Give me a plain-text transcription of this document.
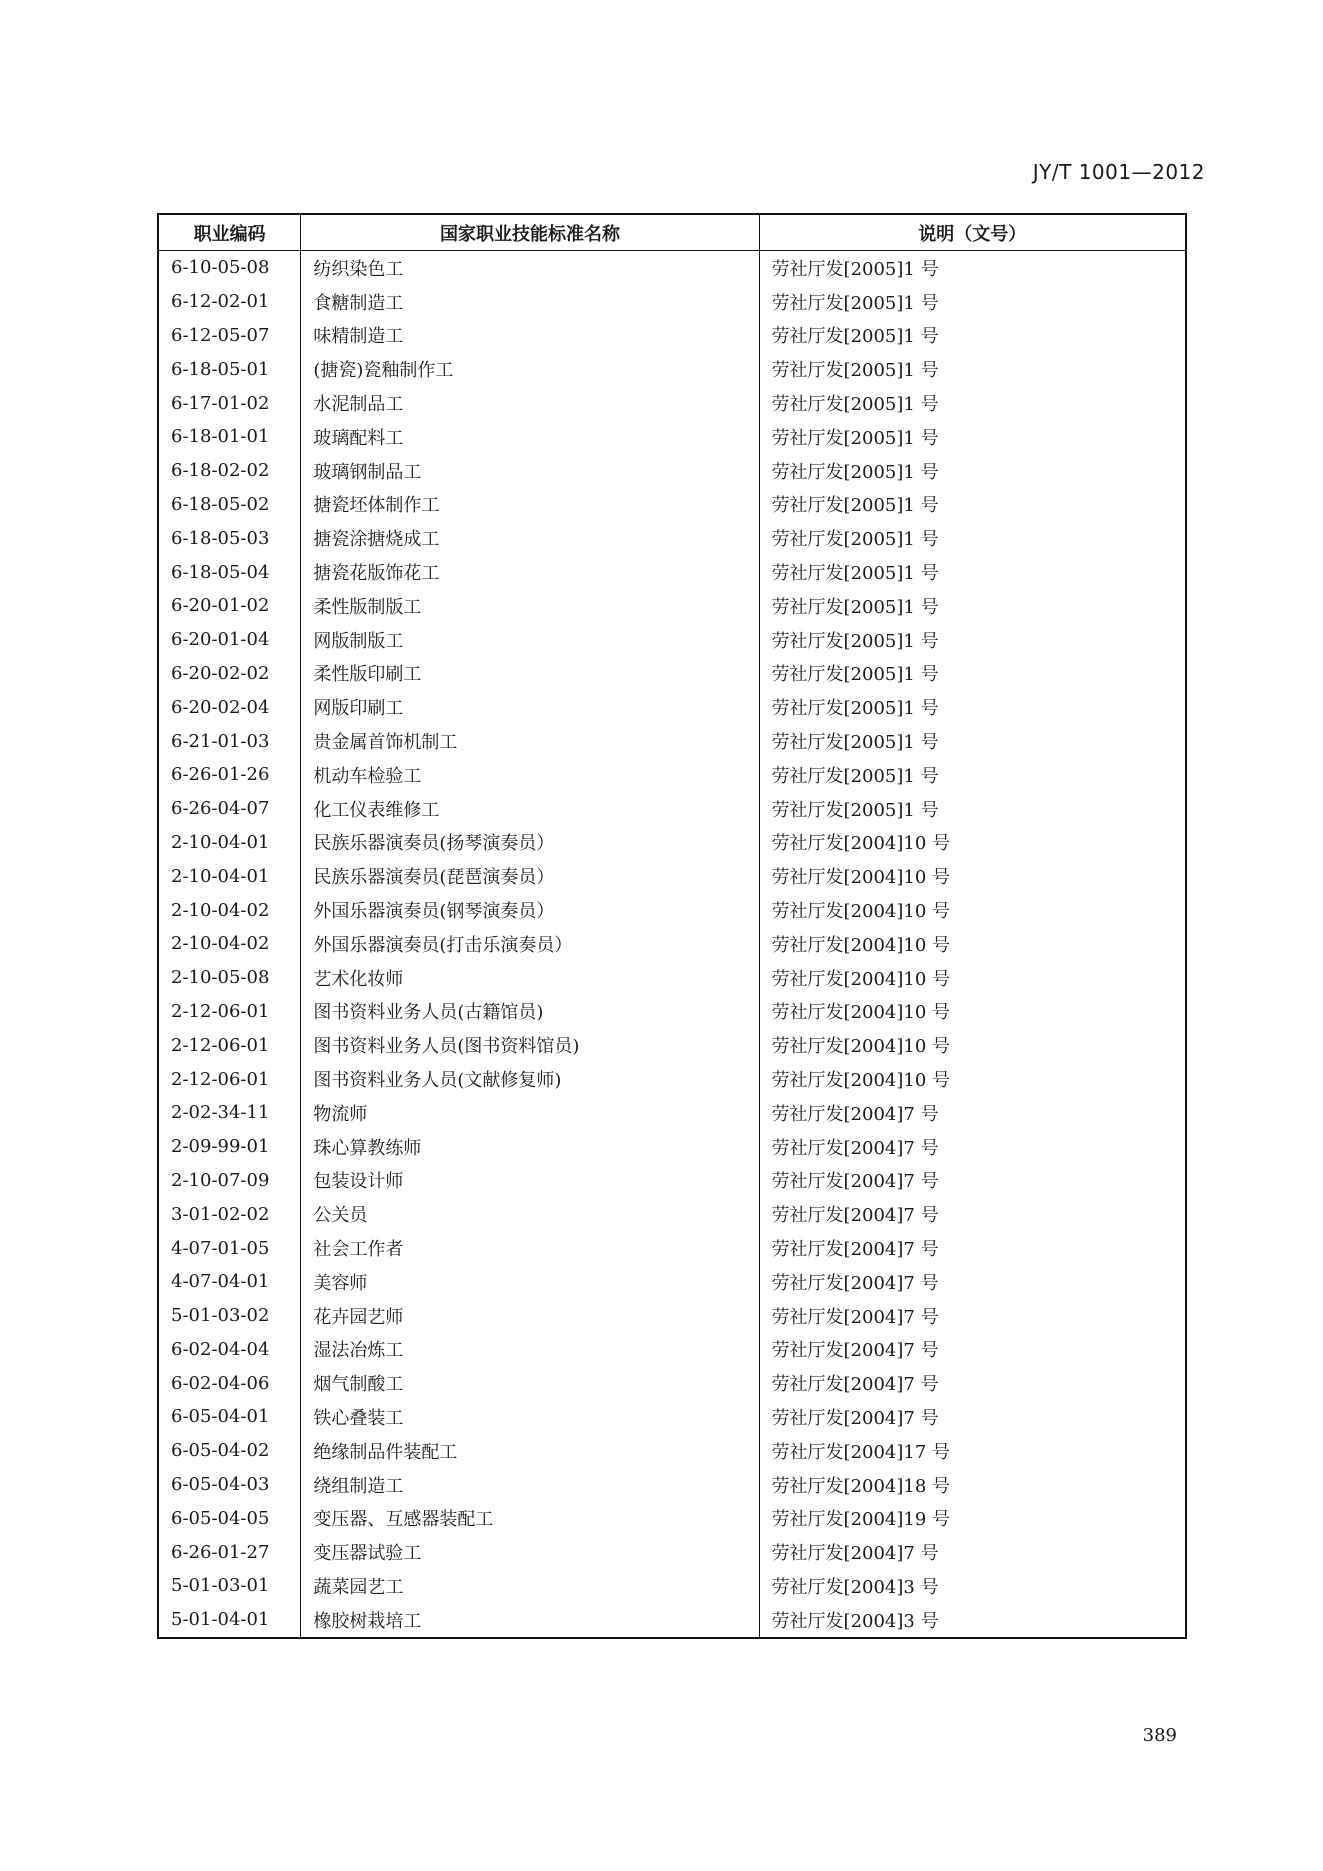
JY/T 1001—2012
职业编码	国家职业技能标准名称	说明（文号）
6-10-05-08	纺织染色工	劳社厅发[2005]1 号
6-12-02-01	食糖制造工	劳社厅发[2005]1 号
6-12-05-07	味精制造工	劳社厅发[2005]1 号
6-18-05-01	(搪瓷)瓷釉制作工	劳社厅发[2005]1 号
6-17-01-02	水泥制品工	劳社厅发[2005]1 号
6-18-01-01	玻璃配料工	劳社厅发[2005]1 号
6-18-02-02	玻璃钢制品工	劳社厅发[2005]1 号
6-18-05-02	搪瓷坯体制作工	劳社厅发[2005]1 号
6-18-05-03	搪瓷涂搪烧成工	劳社厅发[2005]1 号
6-18-05-04	搪瓷花版饰花工	劳社厅发[2005]1 号
6-20-01-02	柔性版制版工	劳社厅发[2005]1 号
6-20-01-04	网版制版工	劳社厅发[2005]1 号
6-20-02-02	柔性版印刷工	劳社厅发[2005]1 号
6-20-02-04	网版印刷工	劳社厅发[2005]1 号
6-21-01-03	贵金属首饰机制工	劳社厅发[2005]1 号
6-26-01-26	机动车检验工	劳社厅发[2005]1 号
6-26-04-07	化工仪表维修工	劳社厅发[2005]1 号
2-10-04-01	民族乐器演奏员(扬琴演奏员）	劳社厅发[2004]10 号
2-10-04-01	民族乐器演奏员(琵琶演奏员）	劳社厅发[2004]10 号
2-10-04-02	外国乐器演奏员(钢琴演奏员）	劳社厅发[2004]10 号
2-10-04-02	外国乐器演奏员(打击乐演奏员）	劳社厅发[2004]10 号
2-10-05-08	艺术化妆师	劳社厅发[2004]10 号
2-12-06-01	图书资料业务人员(古籍馆员)	劳社厅发[2004]10 号
2-12-06-01	图书资料业务人员(图书资料馆员)	劳社厅发[2004]10 号
2-12-06-01	图书资料业务人员(文献修复师)	劳社厅发[2004]10 号
2-02-34-11	物流师	劳社厅发[2004]7 号
2-09-99-01	珠心算教练师	劳社厅发[2004]7 号
2-10-07-09	包装设计师	劳社厅发[2004]7 号
3-01-02-02	公关员	劳社厅发[2004]7 号
4-07-01-05	社会工作者	劳社厅发[2004]7 号
4-07-04-01	美容师	劳社厅发[2004]7 号
5-01-03-02	花卉园艺师	劳社厅发[2004]7 号
6-02-04-04	湿法冶炼工	劳社厅发[2004]7 号
6-02-04-06	烟气制酸工	劳社厅发[2004]7 号
6-05-04-01	铁心叠装工	劳社厅发[2004]7 号
6-05-04-02	绝缘制品件装配工	劳社厅发[2004]17 号
6-05-04-03	绕组制造工	劳社厅发[2004]18 号
6-05-04-05	变压器、互感器装配工	劳社厅发[2004]19 号
6-26-01-27	变压器试验工	劳社厅发[2004]7 号
5-01-03-01	蔬菜园艺工	劳社厅发[2004]3 号
5-01-04-01	橡胶树栽培工	劳社厅发[2004]3 号
389
